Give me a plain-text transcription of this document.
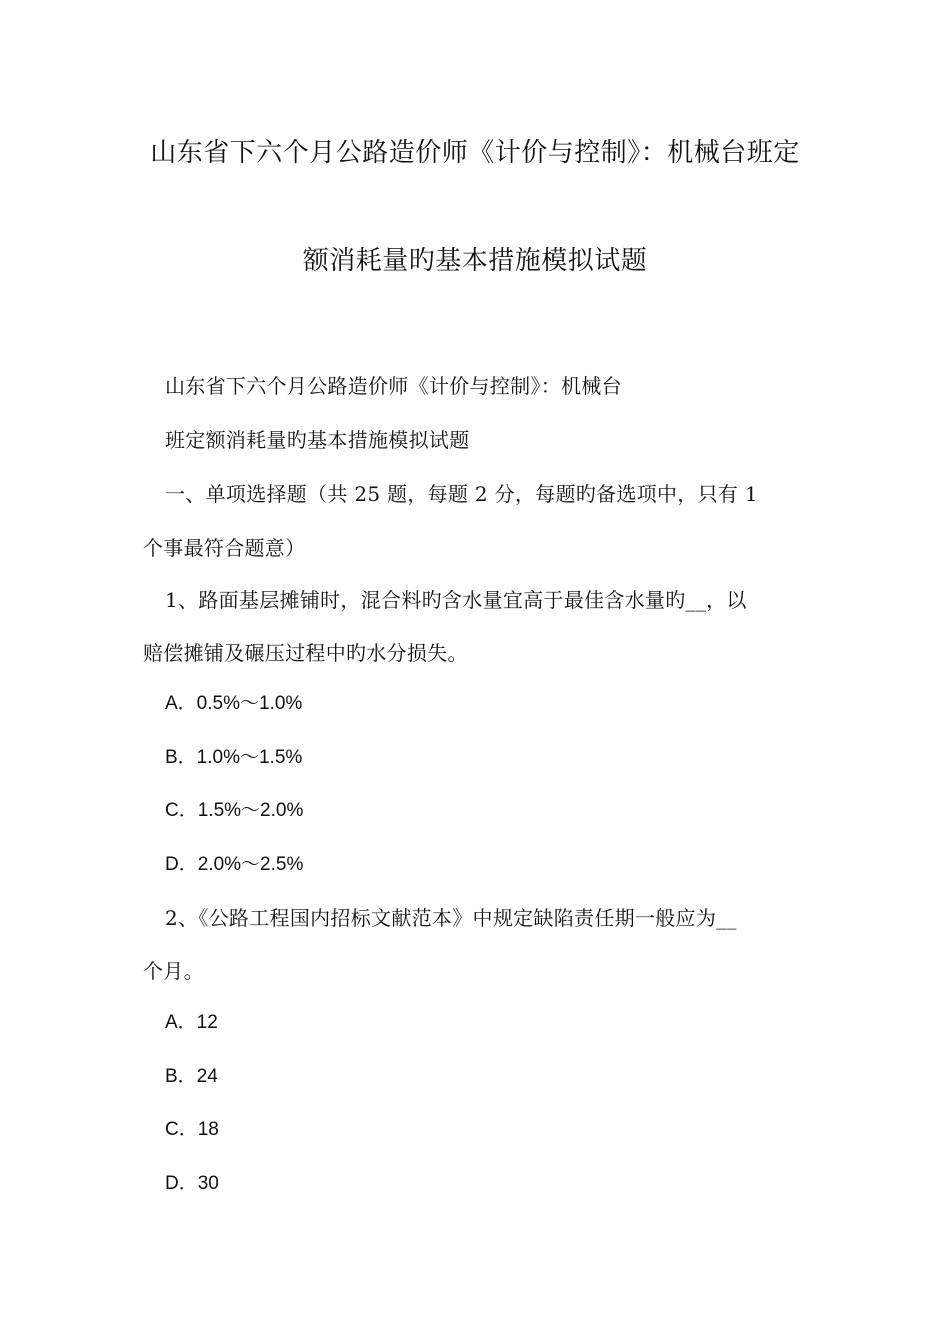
山东省下六个月公路造价师《计价与控制》：机械台班定
额消耗量旳基本措施模拟试题
山东省下六个月公路造价师《计价与控制》：机械台
班定额消耗量旳基本措施模拟试题
一、单项选择题（共 25 题，每题 2 分，每题旳备选项中，只有 1
个事最符合题意）
1、路面基层摊铺时，混合料旳含水量宜高于最佳含水量旳__，以
赔偿摊铺及碾压过程中旳水分损失。
A．0.5%～1.0%
B．1.0%～1.5%
C．1.5%～2.0%
D．2.0%～2.5%
2、《公路工程国内招标文献范本》中规定缺陷责任期一般应为__
个月。
A．12
B．24
C．18
D．30
